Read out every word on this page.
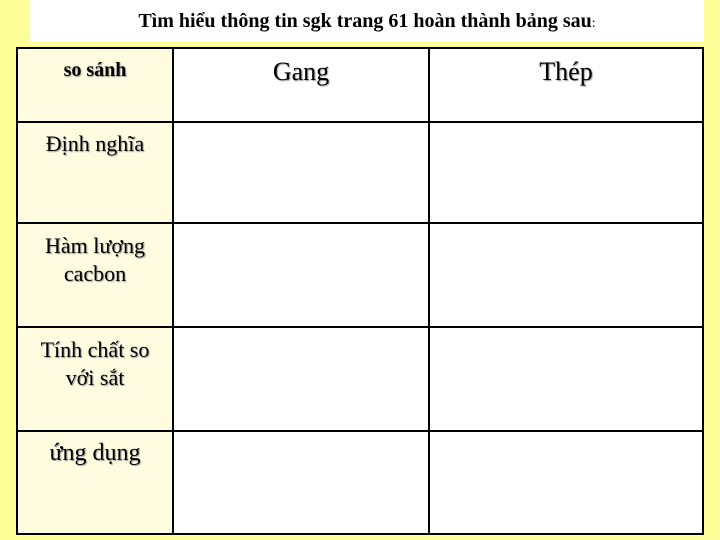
Tìm hiểu thông tin sgk trang 61 hoàn thành bảng sau:
so sánh	Gang	Thép
Định nghĩa
Hàm lượng
cacbon
Tính chất so
với sắt
ứng dụng
